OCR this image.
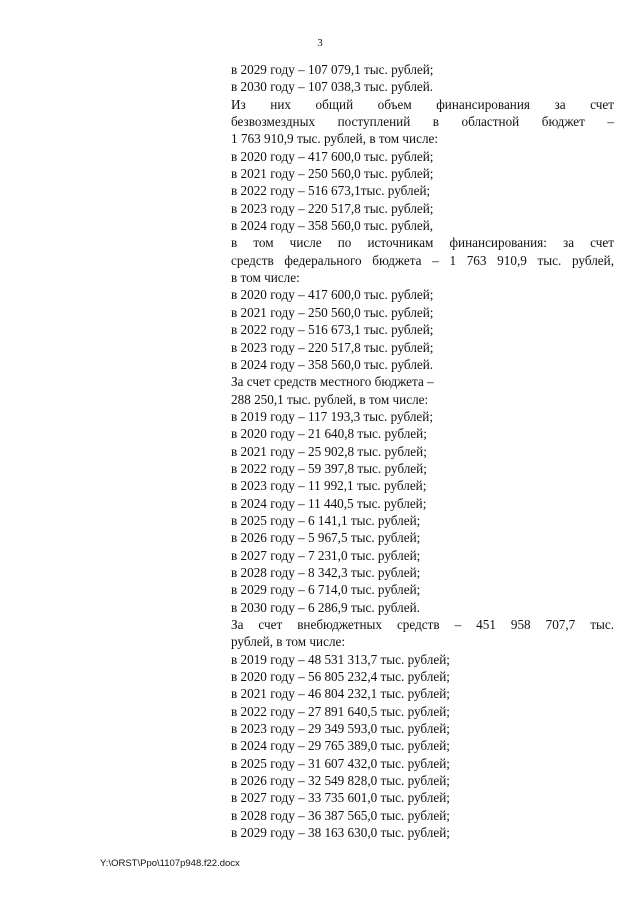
3
в 2029 году – 107 079,1 тыс. рублей;
в 2030 году – 107 038,3 тыс. рублей.
Из них общий объем финансирования за счет
безвозмездных поступлений в областной бюджет –
1 763 910,9 тыс. рублей, в том числе:
в 2020 году – 417 600,0 тыс. рублей;
в 2021 году – 250 560,0 тыс. рублей;
в 2022 году – 516 673,1тыс. рублей;
в 2023 году – 220 517,8 тыс. рублей;
в 2024 году – 358 560,0 тыс. рублей,
в том числе по источникам финансирования: за счет
средств федерального бюджета – 1 763 910,9 тыс. рублей,
в том числе:
в 2020 году – 417 600,0 тыс. рублей;
в 2021 году – 250 560,0 тыс. рублей;
в 2022 году – 516 673,1 тыс. рублей;
в 2023 году – 220 517,8 тыс. рублей;
в 2024 году – 358 560,0 тыс. рублей.
За счет средств местного бюджета –
288 250,1 тыс. рублей, в том числе:
в 2019 году – 117 193,3 тыс. рублей;
в 2020 году – 21 640,8 тыс. рублей;
в 2021 году – 25 902,8 тыс. рублей;
в 2022 году – 59 397,8 тыс. рублей;
в 2023 году – 11 992,1 тыс. рублей;
в 2024 году – 11 440,5 тыс. рублей;
в 2025 году – 6 141,1 тыс. рублей;
в 2026 году – 5 967,5 тыс. рублей;
в 2027 году – 7 231,0 тыс. рублей;
в 2028 году – 8 342,3 тыс. рублей;
в 2029 году – 6 714,0 тыс. рублей;
в 2030 году – 6 286,9 тыс. рублей.
За счет внебюджетных средств – 451 958 707,7 тыс.
рублей, в том числе:
в 2019 году – 48 531 313,7 тыс. рублей;
в 2020 году – 56 805 232,4 тыс. рублей;
в 2021 году – 46 804 232,1 тыс. рублей;
в 2022 году – 27 891 640,5 тыс. рублей;
в 2023 году – 29 349 593,0 тыс. рублей;
в 2024 году – 29 765 389,0 тыс. рублей;
в 2025 году – 31 607 432,0 тыс. рублей;
в 2026 году – 32 549 828,0 тыс. рублей;
в 2027 году – 33 735 601,0 тыс. рублей;
в 2028 году – 36 387 565,0 тыс. рублей;
в 2029 году – 38 163 630,0 тыс. рублей;
Y:\ORST\Ppo\1107p948.f22.docx
